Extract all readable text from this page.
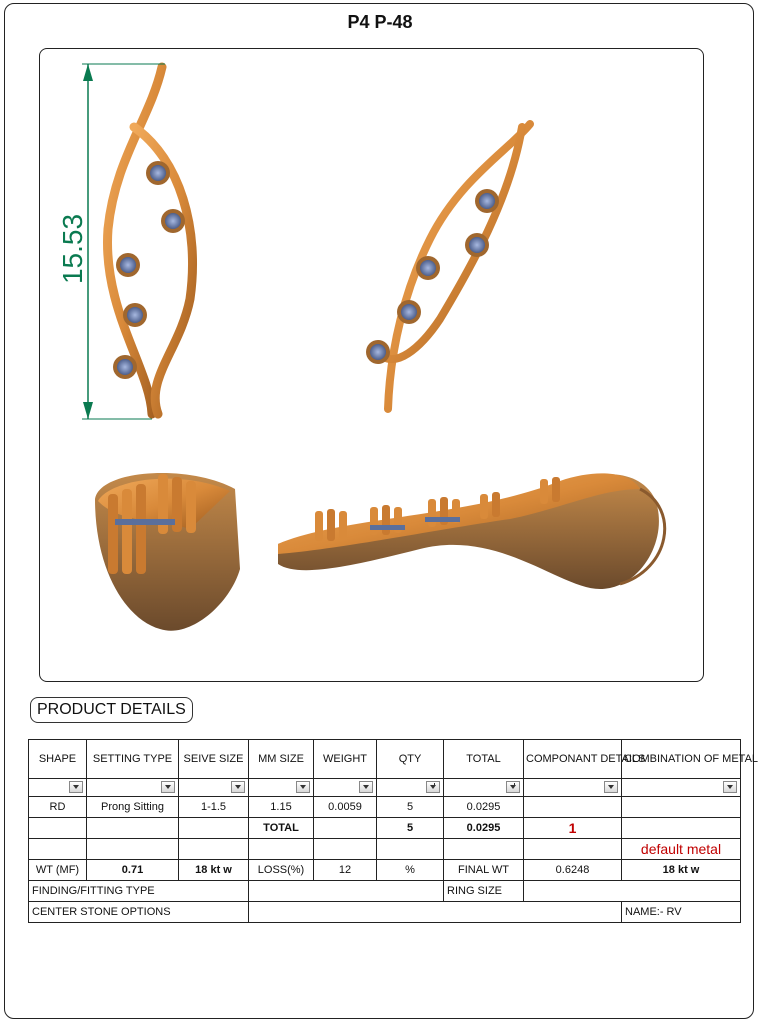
P4 P-48
15.53
PRODUCT DETAILS
SHAPE	SETTING TYPE	SEIVE SIZE	MM SIZE	WEIGHT	QTY	TOTAL	COMPONANT DETAILS	COMBINATION OF METAL

RD	Prong Sitting	1-1.5	1.15	0.0059	5	0.0295		
			TOTAL		5	0.0295	1	
								default metal
WT (MF)	0.71	18 kt w	LOSS(%)	12	%	FINAL WT	0.6248	18 kt w
FINDING/FITTING TYPE						RING SIZE		
CENTER STONE OPTIONS								NAME:- RV
